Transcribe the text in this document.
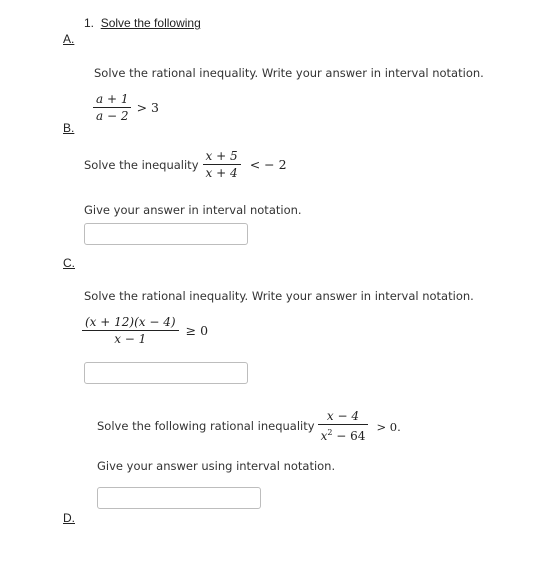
1. Solve the following
A.
Solve the rational inequality. Write your answer in interval notation.
$\frac{a + 1}{a - 2} > 3$
B.
Solve the inequality $\frac{x + 5}{x + 4}$ < − 2
Give your answer in interval notation.
C.
Solve the rational inequality. Write your answer in interval notation.
$\frac{(x + 12)(x - 4)}{x - 1} \ge 0$
Solve the following rational inequality $\frac{x - 4}{x^2 - 64} > 0$.
Give your answer using interval notation.
D.
